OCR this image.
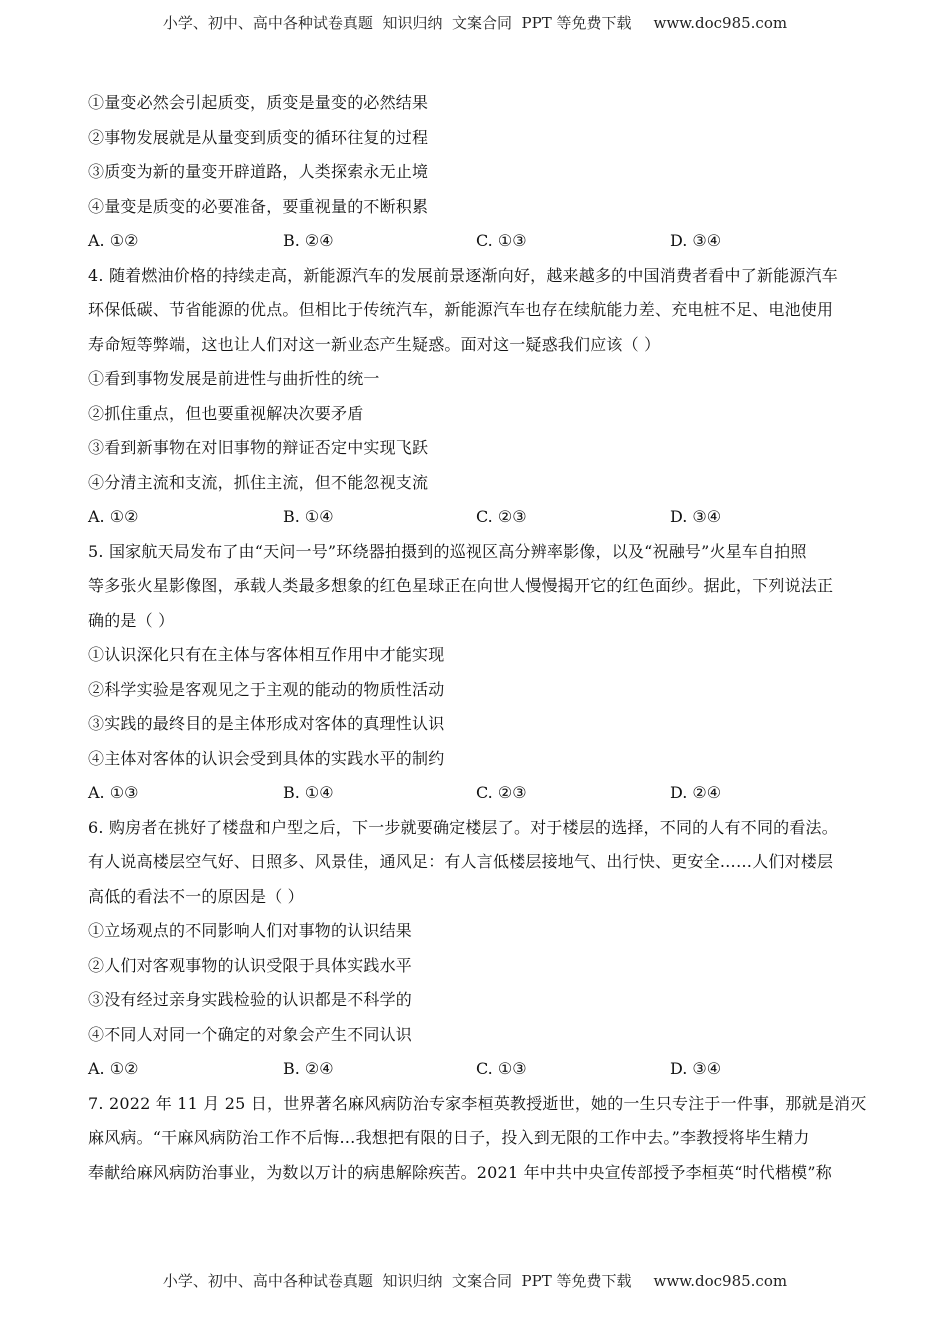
小学、初中、高中各种试卷真题  知识归纳  文案合同  PPT 等免费下载 www.doc985.com
①量变必然会引起质变，质变是量变的必然结果
②事物发展就是从量变到质变的循环往复的过程
③质变为新的量变开辟道路，人类探索永无止境
④量变是质变的必要准备，要重视量的不断积累
A. ①②	B. ②④	C. ①③	D. ③④
4. 随着燃油价格的持续走高，新能源汽车的发展前景逐渐向好，越来越多的中国消费者看中了新能源汽车
环保低碳、节省能源的优点。但相比于传统汽车，新能源汽车也存在续航能力差、充电桩不足、电池使用
寿命短等弊端，这也让人们对这一新业态产生疑惑。面对这一疑惑我们应该（ ）
①看到事物发展是前进性与曲折性的统一
②抓住重点，但也要重视解决次要矛盾
③看到新事物在对旧事物的辩证否定中实现飞跃
④分清主流和支流，抓住主流，但不能忽视支流
A. ①②	B. ①④	C. ②③	D. ③④
5. 国家航天局发布了由“天问一号”环绕器拍摄到的巡视区高分辨率影像，以及“祝融号”火星车自拍照
等多张火星影像图，承载人类最多想象的红色星球正在向世人慢慢揭开它的红色面纱。据此，下列说法正
确的是（ ）
①认识深化只有在主体与客体相互作用中才能实现
②科学实验是客观见之于主观的能动的物质性活动
③实践的最终目的是主体形成对客体的真理性认识
④主体对客体的认识会受到具体的实践水平的制约
A. ①③	B. ①④	C. ②③	D. ②④
6. 购房者在挑好了楼盘和户型之后，下一步就要确定楼层了。对于楼层的选择，不同的人有不同的看法。
有人说高楼层空气好、日照多、风景佳，通风足：有人言低楼层接地气、出行快、更安全……人们对楼层
高低的看法不一的原因是（ ）
①立场观点的不同影响人们对事物的认识结果
②人们对客观事物的认识受限于具体实践水平
③没有经过亲身实践检验的认识都是不科学的
④不同人对同一个确定的对象会产生不同认识
A. ①②	B. ②④	C. ①③	D. ③④
7. 2022 年 11 月 25 日，世界著名麻风病防治专家李桓英教授逝世，她的一生只专注于一件事，那就是消灭
麻风病。“干麻风病防治工作不后悔…我想把有限的日子，投入到无限的工作中去。”李教授将毕生精力
奉献给麻风病防治事业，为数以万计的病患解除疾苦。2021 年中共中央宣传部授予李桓英“时代楷模”称
小学、初中、高中各种试卷真题  知识归纳  文案合同  PPT 等免费下载 www.doc985.com
